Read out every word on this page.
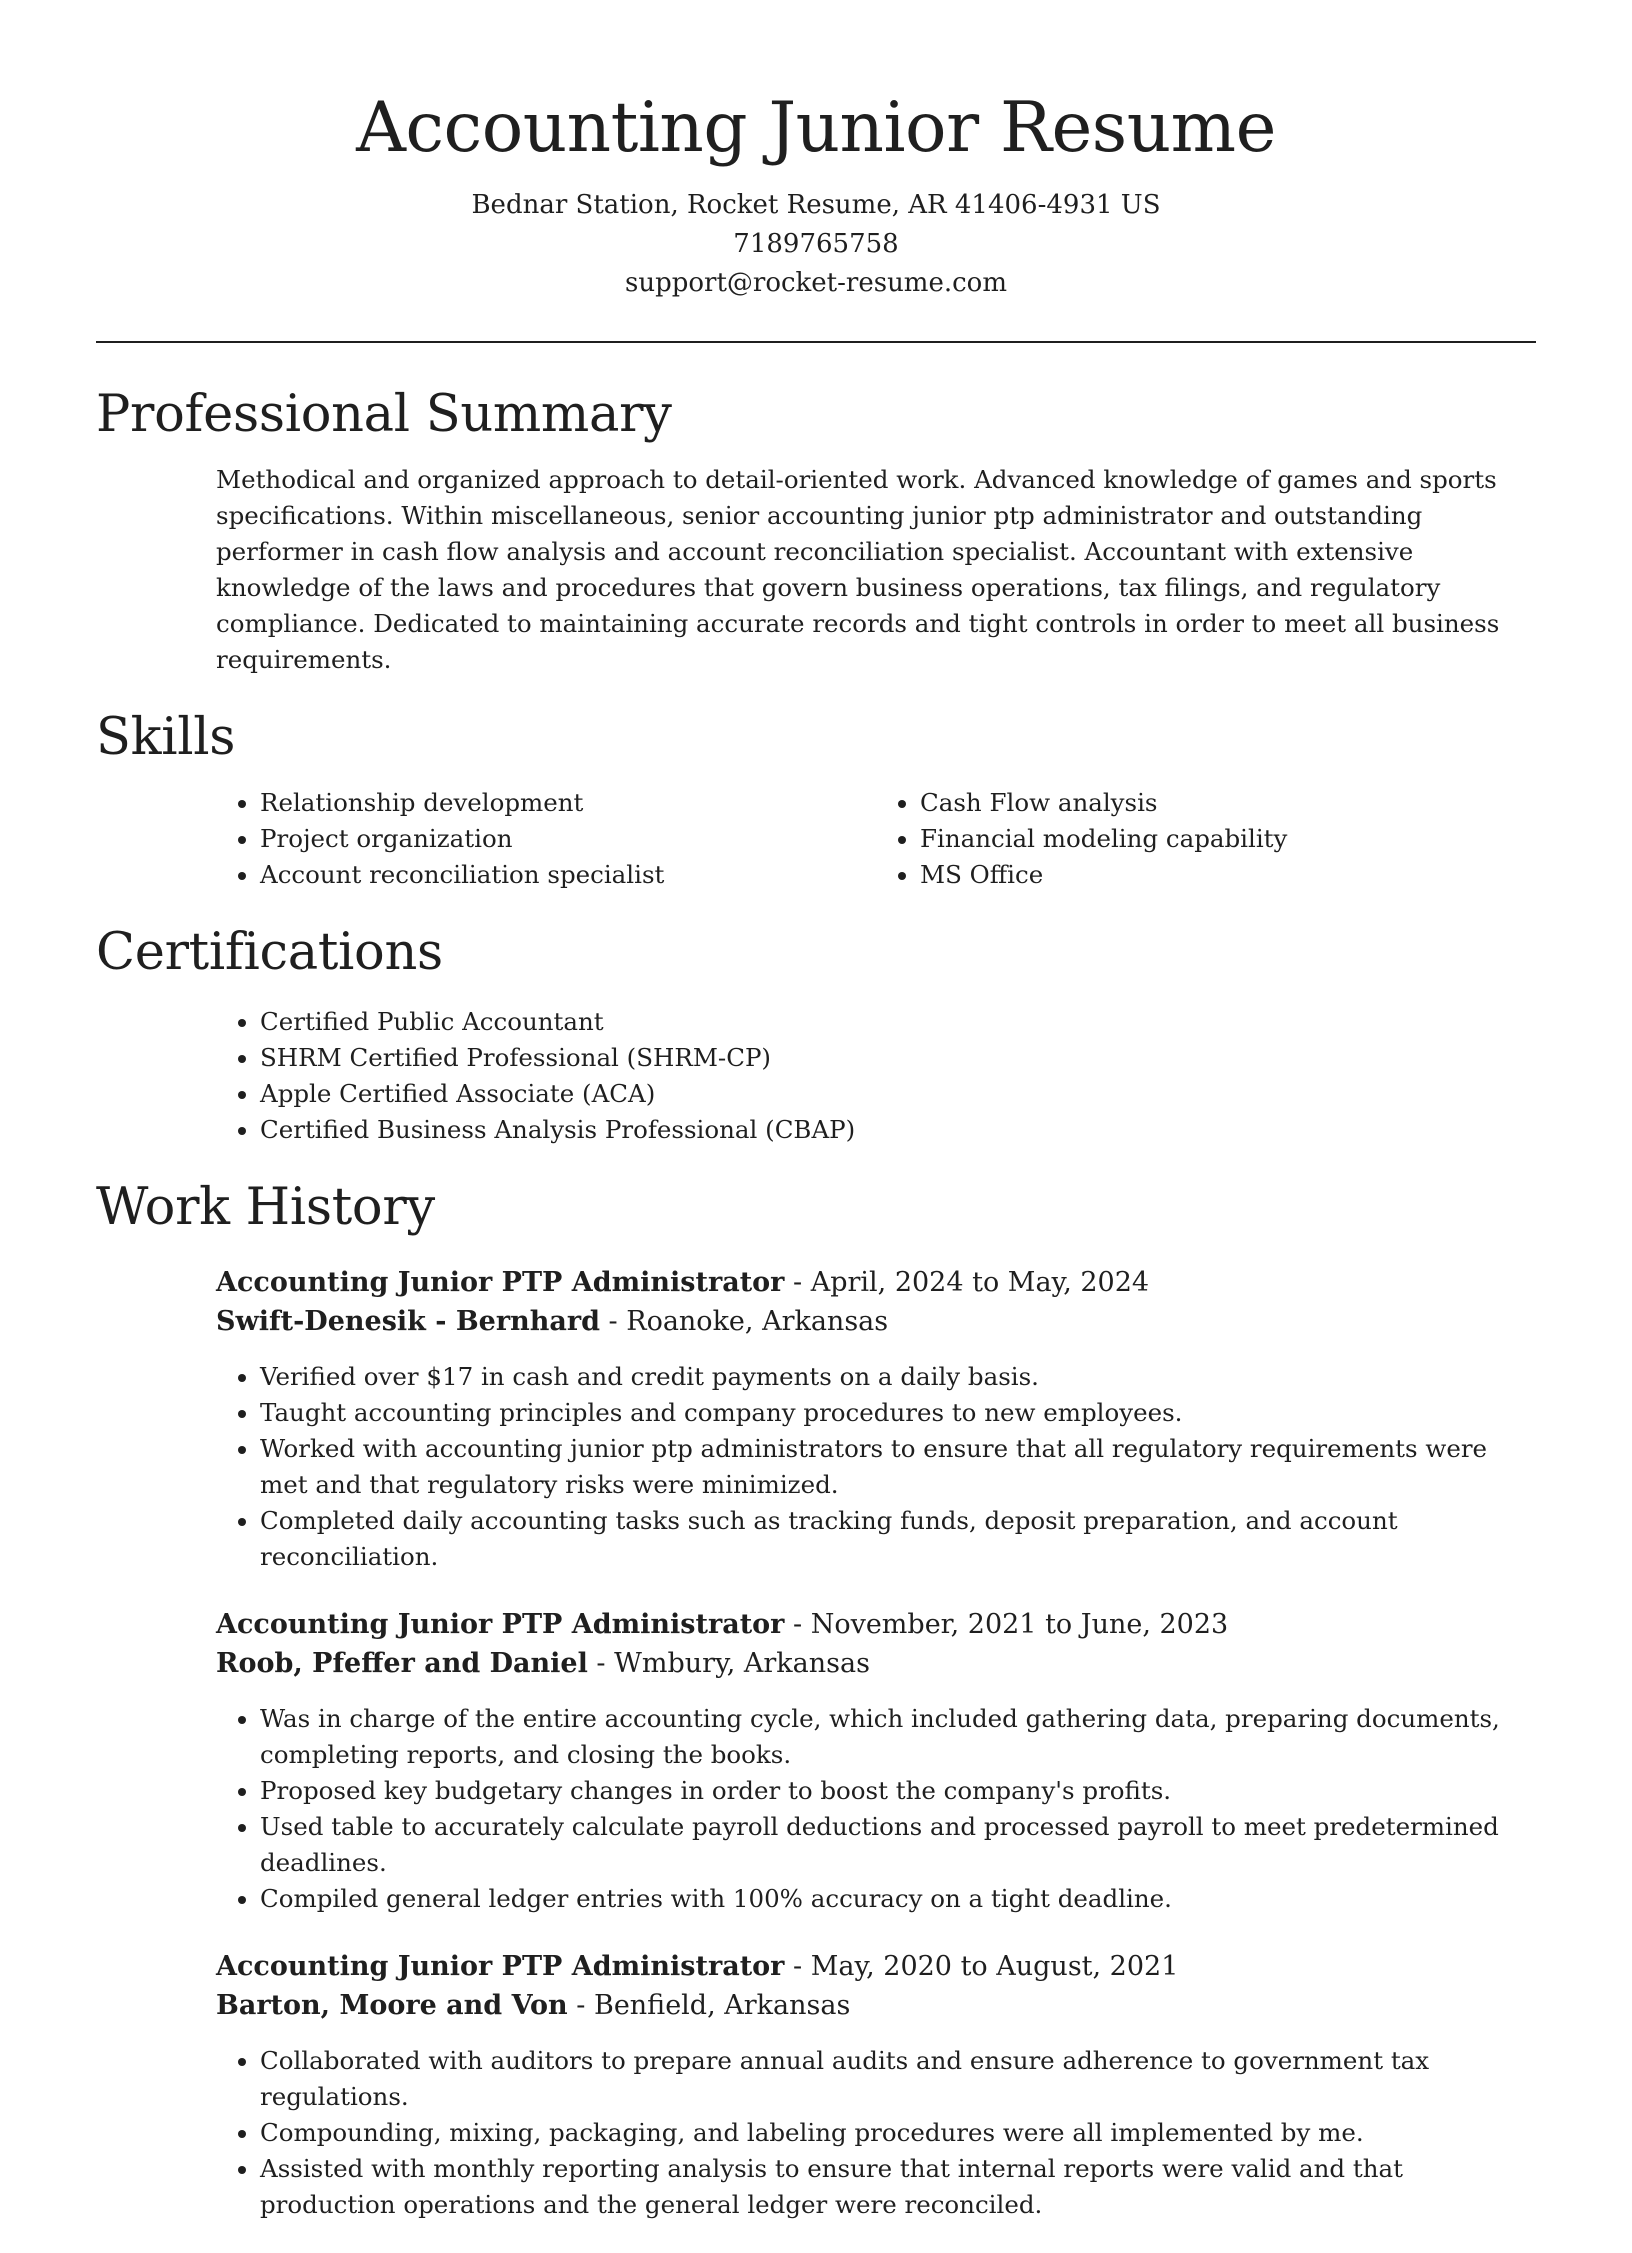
Accounting Junior Resume
Bednar Station, Rocket Resume, AR 41406-4931 US
7189765758
support@rocket-resume.com
Professional Summary

Methodical and organized approach to detail-oriented work. Advanced knowledge of games and sports specifications. Within miscellaneous, senior accounting junior ptp administrator and outstanding performer in cash flow analysis and account reconciliation specialist. Accountant with extensive knowledge of the laws and procedures that govern business operations, tax filings, and regulatory compliance. Dedicated to maintaining accurate records and tight controls in order to meet all business requirements.

Skills
• Relationship development
• Project organization
• Account reconciliation specialist
• Cash Flow analysis
• Financial modeling capability
• MS Office
Certifications
• Certified Public Accountant
• SHRM Certified Professional (SHRM-CP)
• Apple Certified Associate (ACA)
• Certified Business Analysis Professional (CBAP)
Work History
Accounting Junior PTP Administrator - April, 2024 to May, 2024
Swift-Denesik - Bernhard - Roanoke, Arkansas
• Verified over $17 in cash and credit payments on a daily basis.
• Taught accounting principles and company procedures to new employees.
• Worked with accounting junior ptp administrators to ensure that all regulatory requirements were met and that regulatory risks were minimized.
• Completed daily accounting tasks such as tracking funds, deposit preparation, and account reconciliation.
Accounting Junior PTP Administrator - November, 2021 to June, 2023
Roob, Pfeffer and Daniel - Wmbury, Arkansas
• Was in charge of the entire accounting cycle, which included gathering data, preparing documents, completing reports, and closing the books.
• Proposed key budgetary changes in order to boost the company's profits.
• Used table to accurately calculate payroll deductions and processed payroll to meet predetermined deadlines.
• Compiled general ledger entries with 100% accuracy on a tight deadline.
Accounting Junior PTP Administrator - May, 2020 to August, 2021
Barton, Moore and Von - Benfield, Arkansas
• Collaborated with auditors to prepare annual audits and ensure adherence to government tax regulations.
• Compounding, mixing, packaging, and labeling procedures were all implemented by me.
• Assisted with monthly reporting analysis to ensure that internal reports were valid and that production operations and the general ledger were reconciled.
